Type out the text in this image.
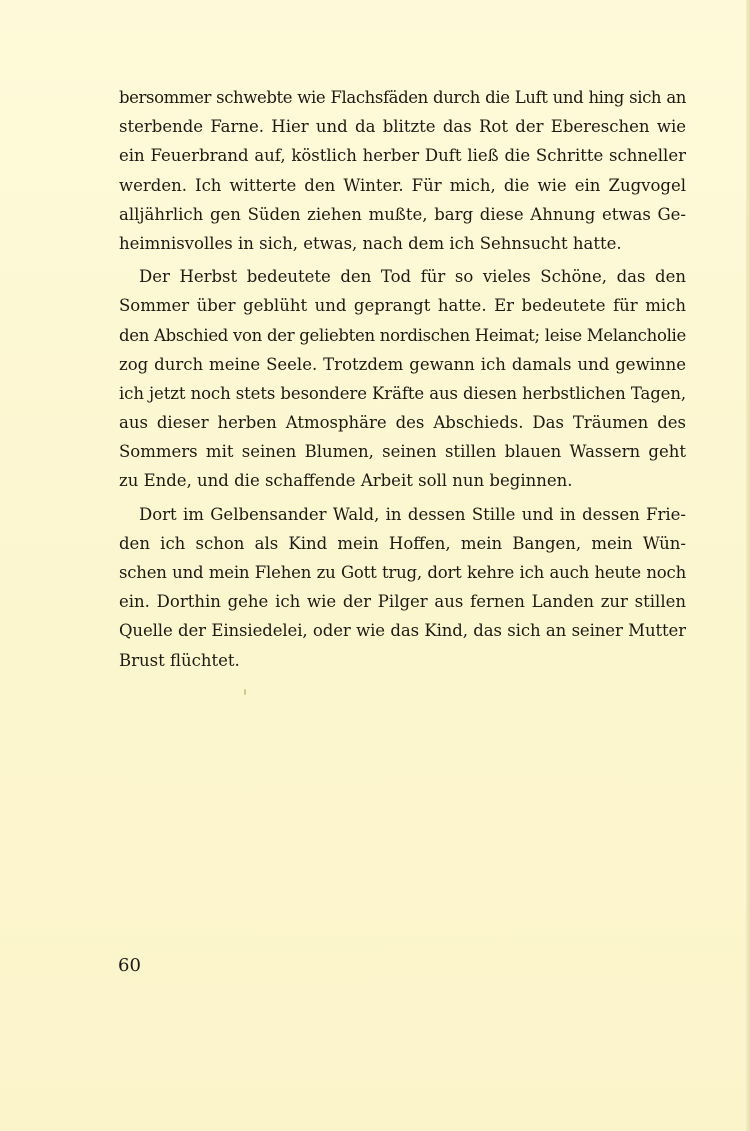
bersommer schwebte wie Flachsfäden durch die Luft und hing sich an
sterbende Farne. Hier und da blitzte das Rot der Ebereschen wie
ein Feuerbrand auf, köstlich herber Duft ließ die Schritte schneller
werden. Ich witterte den Winter. Für mich, die wie ein Zugvogel
alljährlich gen Süden ziehen mußte, barg diese Ahnung etwas Ge-
heimnisvolles in sich, etwas, nach dem ich Sehnsucht hatte.
Der Herbst bedeutete den Tod für so vieles Schöne, das den
Sommer über geblüht und geprangt hatte. Er bedeutete für mich
den Abschied von der geliebten nordischen Heimat; leise Melancholie
zog durch meine Seele. Trotzdem gewann ich damals und gewinne
ich jetzt noch stets besondere Kräfte aus diesen herbstlichen Tagen,
aus dieser herben Atmosphäre des Abschieds. Das Träumen des
Sommers mit seinen Blumen, seinen stillen blauen Wassern geht
zu Ende, und die schaffende Arbeit soll nun beginnen.
Dort im Gelbensander Wald, in dessen Stille und in dessen Frie-
den ich schon als Kind mein Hoffen, mein Bangen, mein Wün-
schen und mein Flehen zu Gott trug, dort kehre ich auch heute noch
ein. Dorthin gehe ich wie der Pilger aus fernen Landen zur stillen
Quelle der Einsiedelei, oder wie das Kind, das sich an seiner Mutter
Brust flüchtet.
60
